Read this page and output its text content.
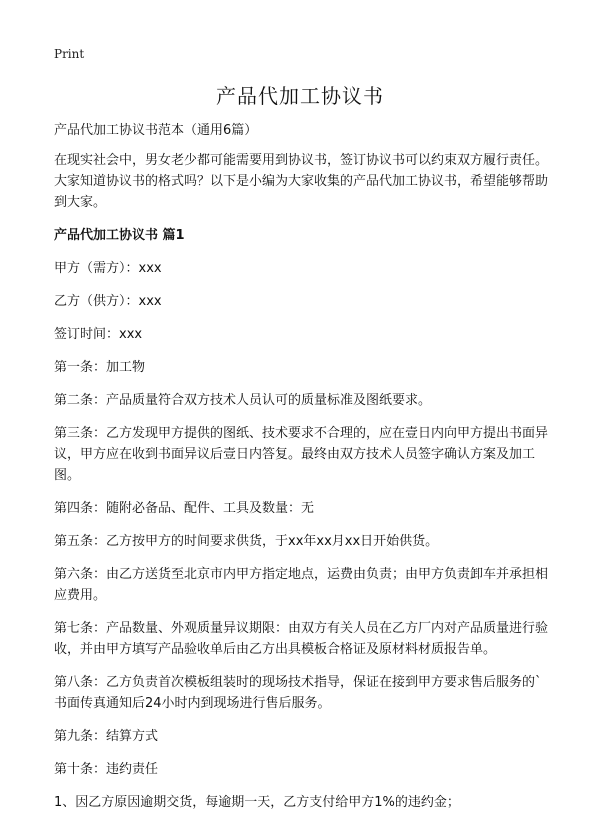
Print
产品代加工协议书

产品代加工协议书范本（通用6篇）

在现实社会中，男女老少都可能需要用到协议书，签订协议书可以约束双方履行责任。大家知道协议书的格式吗？以下是小编为大家收集的产品代加工协议书，希望能够帮助到大家。

产品代加工协议书 篇1

甲方（需方）：xxx

乙方（供方）：xxx

签订时间：xxx

第一条：加工物

第二条：产品质量符合双方技术人员认可的质量标准及图纸要求。

第三条：乙方发现甲方提供的图纸、技术要求不合理的，应在壹日内向甲方提出书面异议，甲方应在收到书面异议后壹日内答复。最终由双方技术人员签字确认方案及加工图。

第四条：随附必备品、配件、工具及数量：无

第五条：乙方按甲方的时间要求供货，于xx年xx月xx日开始供货。

第六条：由乙方送货至北京市内甲方指定地点，运费由负责；由甲方负责卸车并承担相应费用。

第七条：产品数量、外观质量异议期限：由双方有关人员在乙方厂内对产品质量进行验收，并由甲方填写产品验收单后由乙方出具模板合格证及原材料材质报告单。

第八条：乙方负责首次模板组装时的现场技术指导，保证在接到甲方要求售后服务的`书面传真通知后24小时内到现场进行售后服务。

第九条：结算方式

第十条：违约责任

1、因乙方原因逾期交货，每逾期一天，乙方支付给甲方1%的违约金；
